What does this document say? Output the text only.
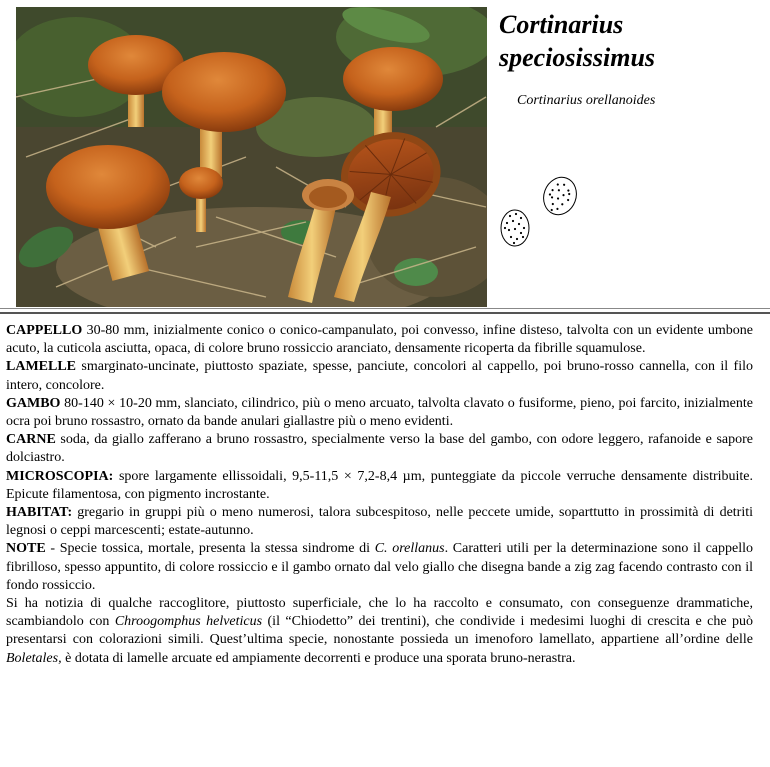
Cortinarius speciosissimus

Cortinarius orellanoides

CAPPELLO 30-80 mm, inizialmente conico o conico-campanulato, poi convesso, infine disteso, talvolta con un evidente umbone acuto, la cuticola asciutta, opaca, di colore bruno rossiccio aranciato, densamente ricoperta da fibrille squamulose.

LAMELLE smarginato-uncinate, piuttosto spaziate, spesse, panciute, concolori al cappello, poi bruno-rosso cannella, con il filo intero, concolore.

GAMBO 80-140 × 10-20 mm, slanciato, cilindrico, più o meno arcuato, talvolta clavato o fusiforme, pieno, poi farcito, inizialmente ocra poi bruno rossastro, ornato da bande anulari giallastre più o meno evidenti.

CARNE soda, da giallo zafferano a bruno rossastro, specialmente verso la base del gambo, con odore leggero, rafanoide e sapore dolciastro.

MICROSCOPIA: spore largamente ellissoidali, 9,5-11,5 × 7,2-8,4 µm, punteggiate da piccole verruche densamente distribuite. Epicute filamentosa, con pigmento incrostante.

HABITAT: gregario in gruppi più o meno numerosi, talora subcespitoso, nelle peccete umide, soparttutto in prossimità di detriti legnosi o ceppi marcescenti; estate-autunno.

NOTE - Specie tossica, mortale, presenta la stessa sindrome di C. orellanus. Caratteri utili per la determinazione sono il cappello fibrilloso, spesso appuntito, di colore rossiccio e il gambo ornato dal velo giallo che disegna bande a zig zag facendo contrasto con il fondo rossiccio.

Si ha notizia di qualche raccoglitore, piuttosto superficiale, che lo ha raccolto e consumato, con conseguenze drammatiche, scambiandolo con Chroogomphus helveticus (il “Chiodetto” dei trentini), che condivide i medesimi luoghi di crescita e che può presentarsi con colorazioni simili. Quest’ultima specie, nonostante possieda un imenoforo lamellato, appartiene all’ordine delle Boletales, è dotata di lamelle arcuate ed ampiamente decorrenti e produce una sporata bruno-nerastra.
